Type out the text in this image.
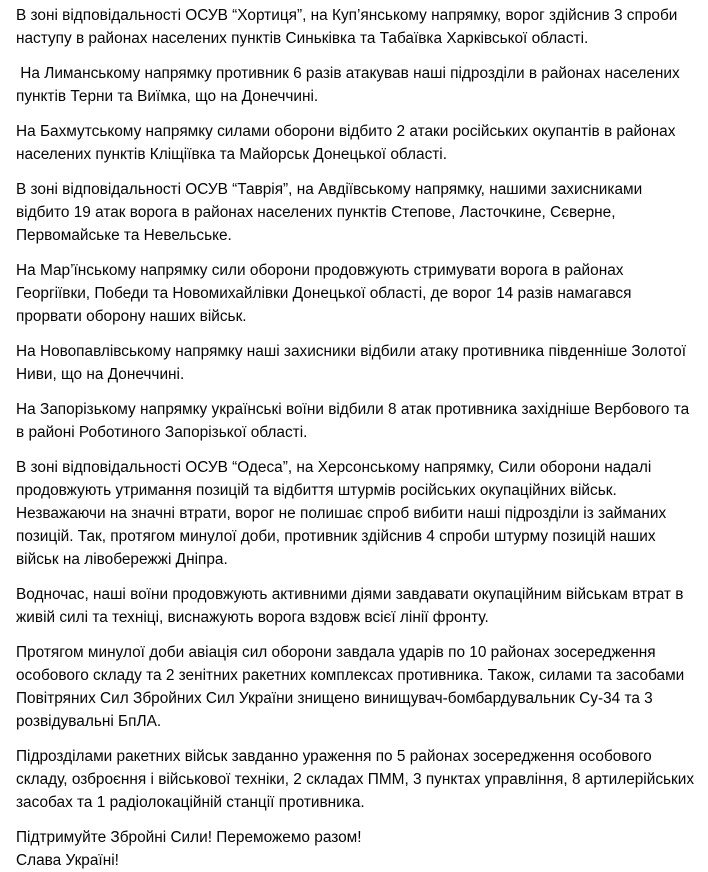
В зоні відповідальності ОСУВ “Хортиця”, на Куп’янському напрямку, ворог здійснив 3 спроби наступу в районах населених пунктів Синьківка та Табаївка Харківської області.

На Лиманському напрямку противник 6 разів атакував наші підрозділи в районах населених пунктів Терни та Виїмка, що на Донеччині.

На Бахмутському напрямку силами оборони відбито 2 атаки російських окупантів в районах населених пунктів Кліщіївка та Майорськ Донецької області.

В зоні відповідальності ОСУВ “Таврія”, на Авдіївському напрямку, нашими захисниками відбито 19 атак ворога в районах населених пунктів Степове, Ласточкине, Сєверне, Первомайське та Невельське.

На Мар’їнському напрямку сили оборони продовжують стримувати ворога в районах Георгіївки, Победи та Новомихайлівки Донецької області, де ворог 14 разів намагався прорвати оборону наших військ.

На Новопавлівському напрямку наші захисники відбили атаку противника південніше Золотої Ниви, що на Донеччині.

На Запорізькому напрямку українські воїни відбили 8 атак противника західніше Вербового та в районі Роботиного Запорізької області.

В зоні відповідальності ОСУВ “Одеса”, на Херсонському напрямку, Сили оборони надалі продовжують утримання позицій та відбиття штурмів російських окупаційних військ. Незважаючи на значні втрати, ворог не полишає спроб вибити наші підрозділи із займаних позицій. Так, протягом минулої доби, противник здійснив 4 спроби штурму позицій наших військ на лівобережжі Дніпра.

Водночас, наші воїни продовжують активними діями завдавати окупаційним військам втрат в живій силі та техніці, виснажують ворога вздовж всієї лінії фронту.

Протягом минулої доби авіація сил оборони завдала ударів по 10 районах зосередження особового складу та 2 зенітних ракетних комплексах противника. Також, силами та засобами Повітряних Сил Збройних Сил України знищено винищувач-бомбардувальник Су-34 та 3 розвідувальні БпЛА.

Підрозділами ракетних військ завданно ураження по 5 районах зосередження особового складу, озброєння і військової техніки, 2 складах ПММ, 3 пунктах управління, 8 артилерійських засобах та 1 радіолокаційній станції противника.

Підтримуйте Збройні Сили! Переможемо разом!
Слава Україні!
